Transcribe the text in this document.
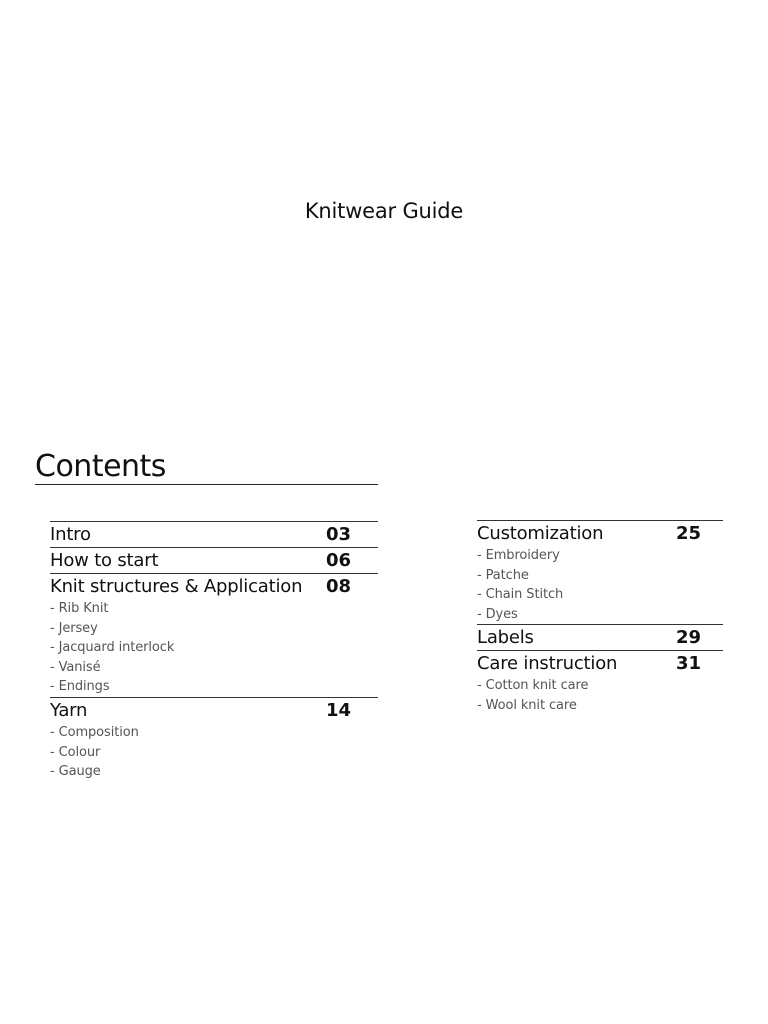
Knitwear Guide
Contents
Intro	03
How to start	06
Knit structures & Application 08
- Rib Knit
- Jersey
- Jacquard interlock
- Vanisé
- Endings
Yarn	14
- Composition
- Colour
- Gauge
Customization	25
- Embroidery
- Patche
- Chain Stitch
- Dyes
Labels	29
Care instruction	31
- Cotton knit care
- Wool knit care
